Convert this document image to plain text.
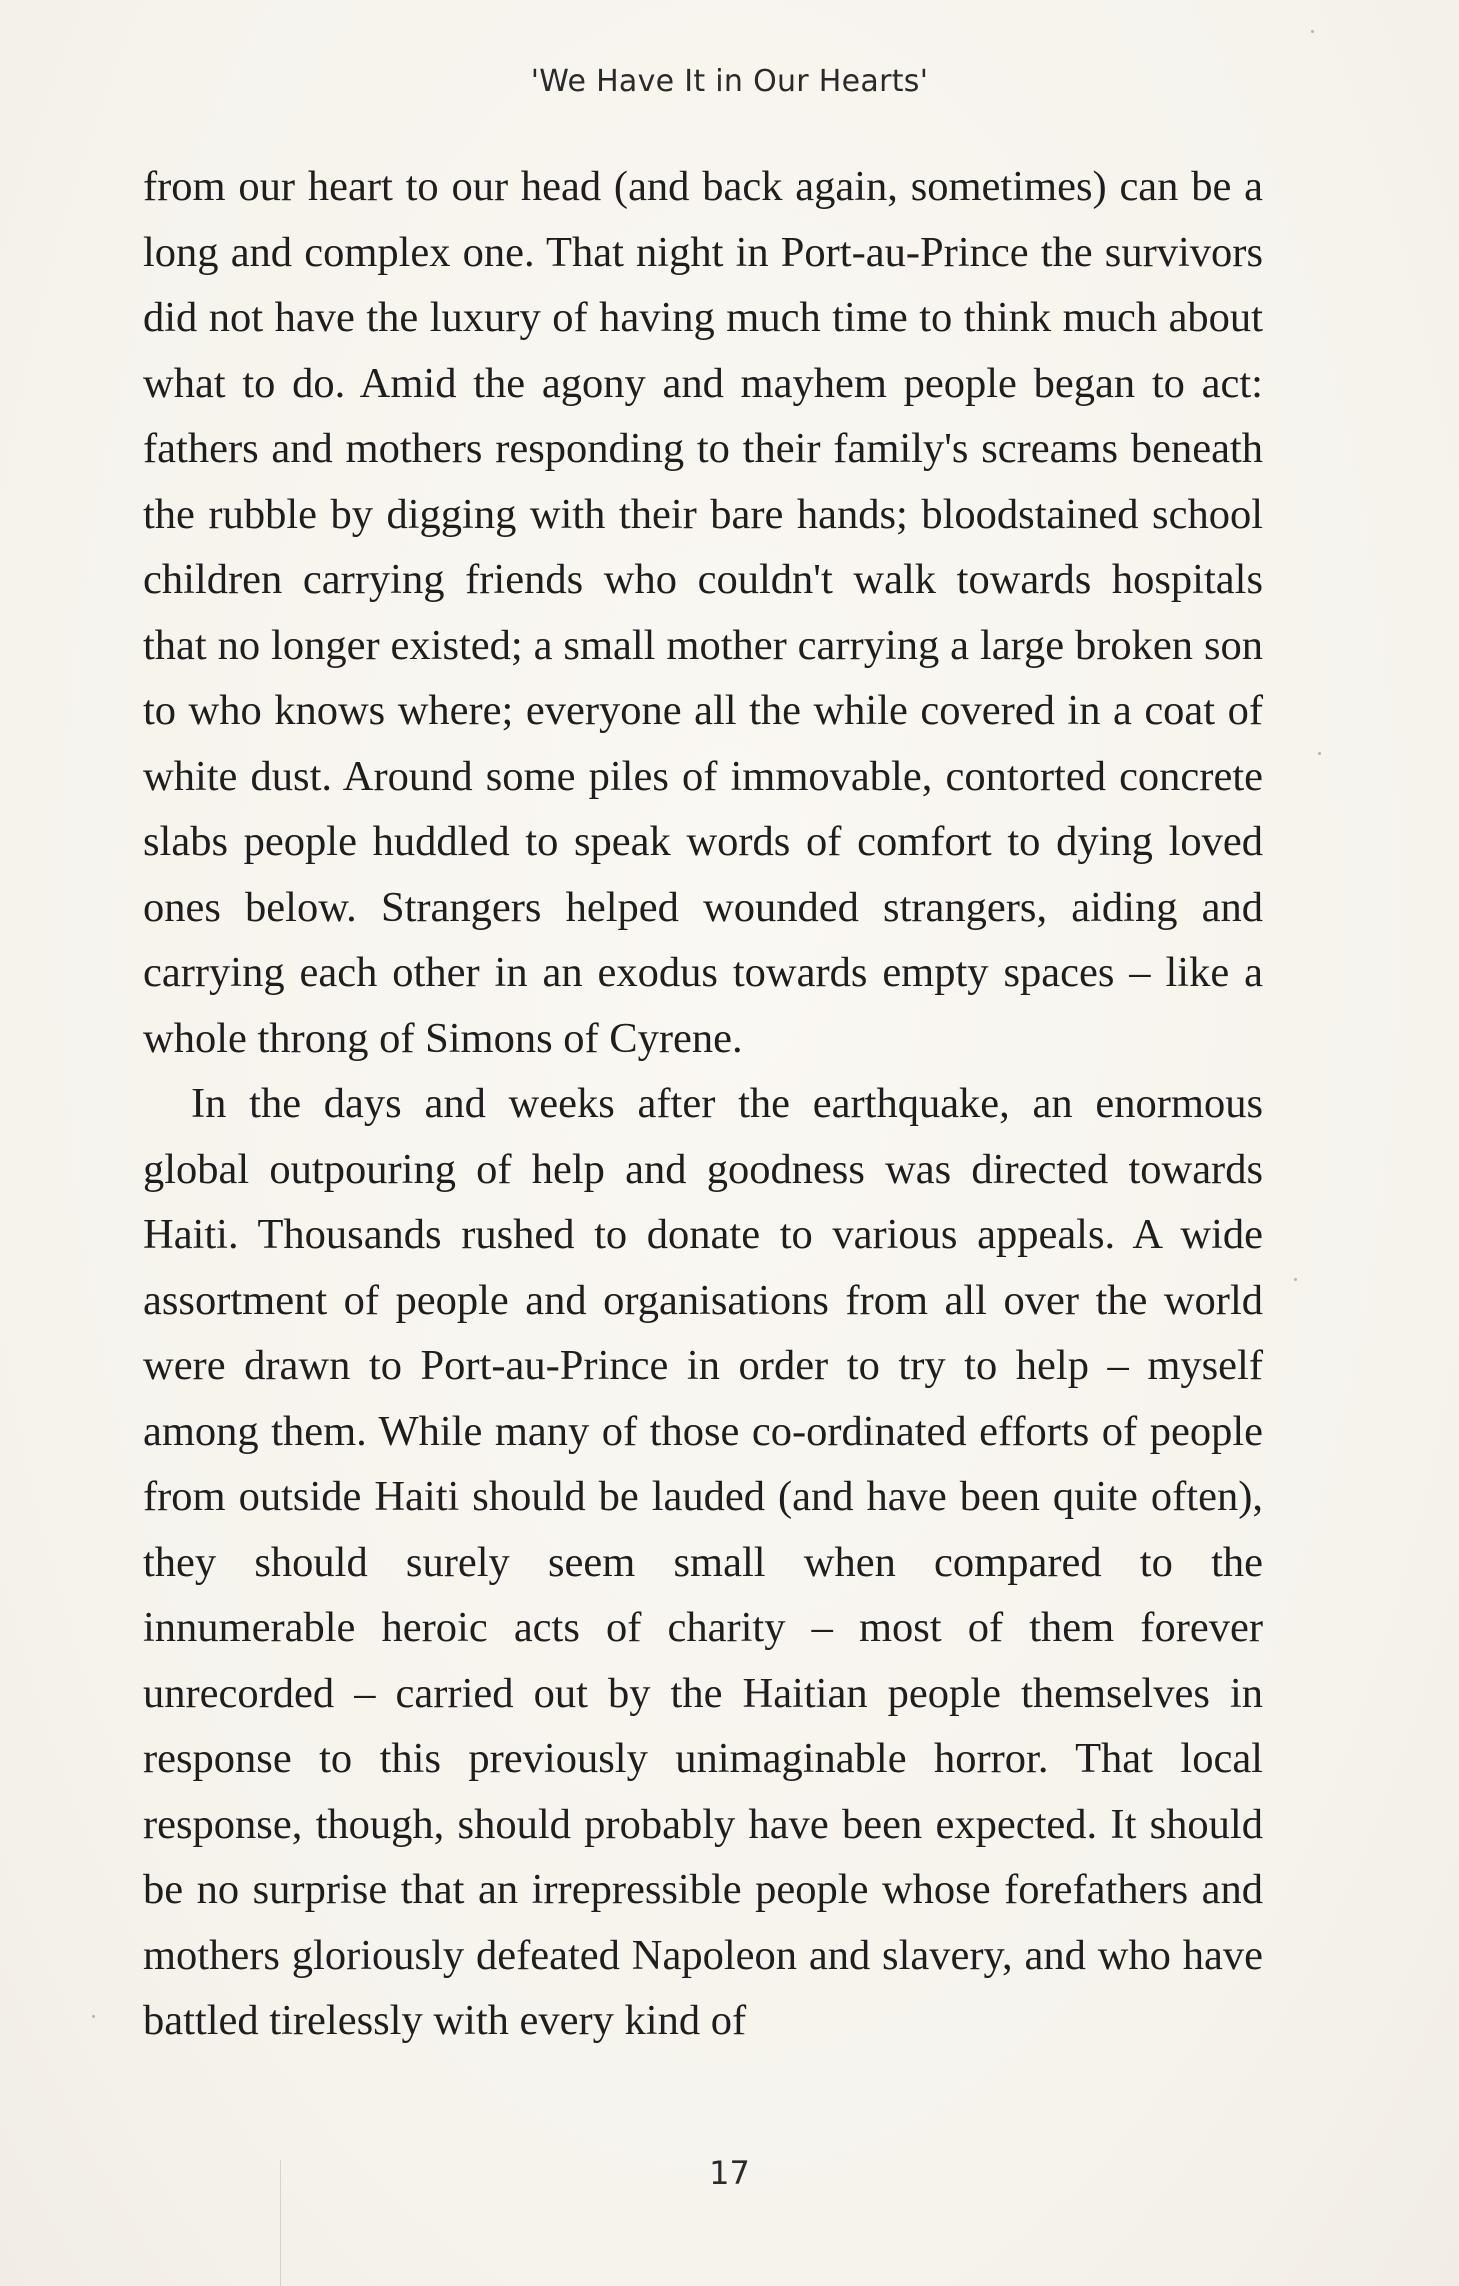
'We Have It in Our Hearts'

from our heart to our head (and back again, sometimes) can be a long and complex one. That night in Port-au-Prince the survivors did not have the luxury of having much time to think much about what to do. Amid the agony and mayhem people began to act: fathers and mothers responding to their family's screams beneath the rubble by digging with their bare hands; bloodstained school children carrying friends who couldn't walk towards hospitals that no longer existed; a small mother carrying a large broken son to who knows where; everyone all the while covered in a coat of white dust. Around some piles of immovable, contorted concrete slabs people huddled to speak words of comfort to dying loved ones below. Strangers helped wounded strangers, aiding and carrying each other in an exodus towards empty spaces – like a whole throng of Simons of Cyrene.

In the days and weeks after the earthquake, an enormous global outpouring of help and goodness was directed towards Haiti. Thousands rushed to donate to various appeals. A wide assortment of people and organisations from all over the world were drawn to Port-au-Prince in order to try to help – myself among them. While many of those co-ordinated efforts of people from outside Haiti should be lauded (and have been quite often), they should surely seem small when compared to the innumerable heroic acts of charity – most of them forever unrecorded – carried out by the Haitian people themselves in response to this previously unimaginable horror. That local response, though, should probably have been expected. It should be no surprise that an irrepressible people whose forefathers and mothers gloriously defeated Napoleon and slavery, and who have battled tirelessly with every kind of

17
